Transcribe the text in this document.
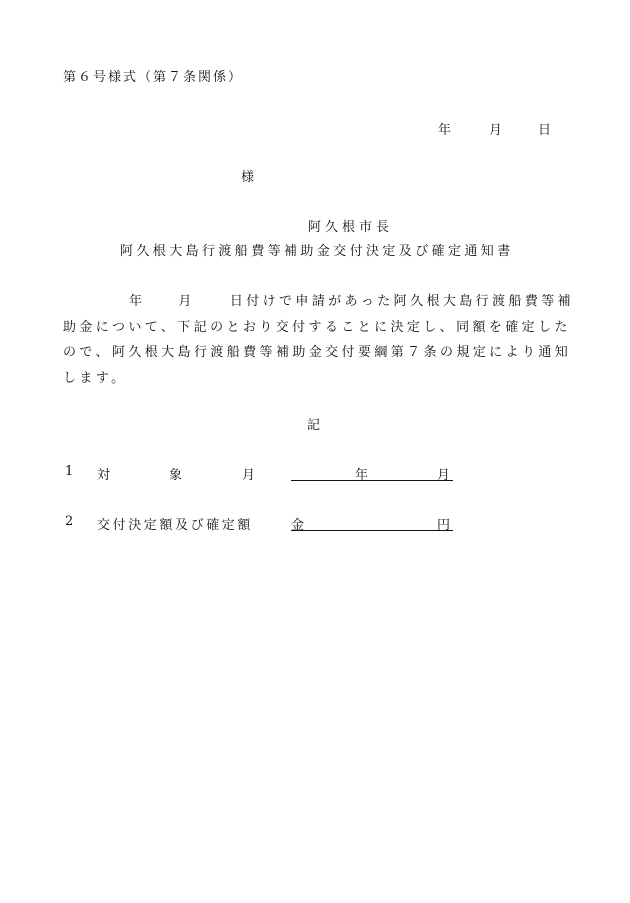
第６号様式（第７条関係）
年	月	日
様
阿久根市長
阿久根大島行渡船費等補助金交付決定及び確定通知書
年	月	日付けで申請があった阿久根大島行渡船費等補
助金について、下記のとおり交付することに決定し、同額を確定した
ので、阿久根大島行渡船費等補助金交付要綱第７条の規定により通知
します。
記
1 対	象	月	年	月
2 交付決定額及び確定額	金	円
